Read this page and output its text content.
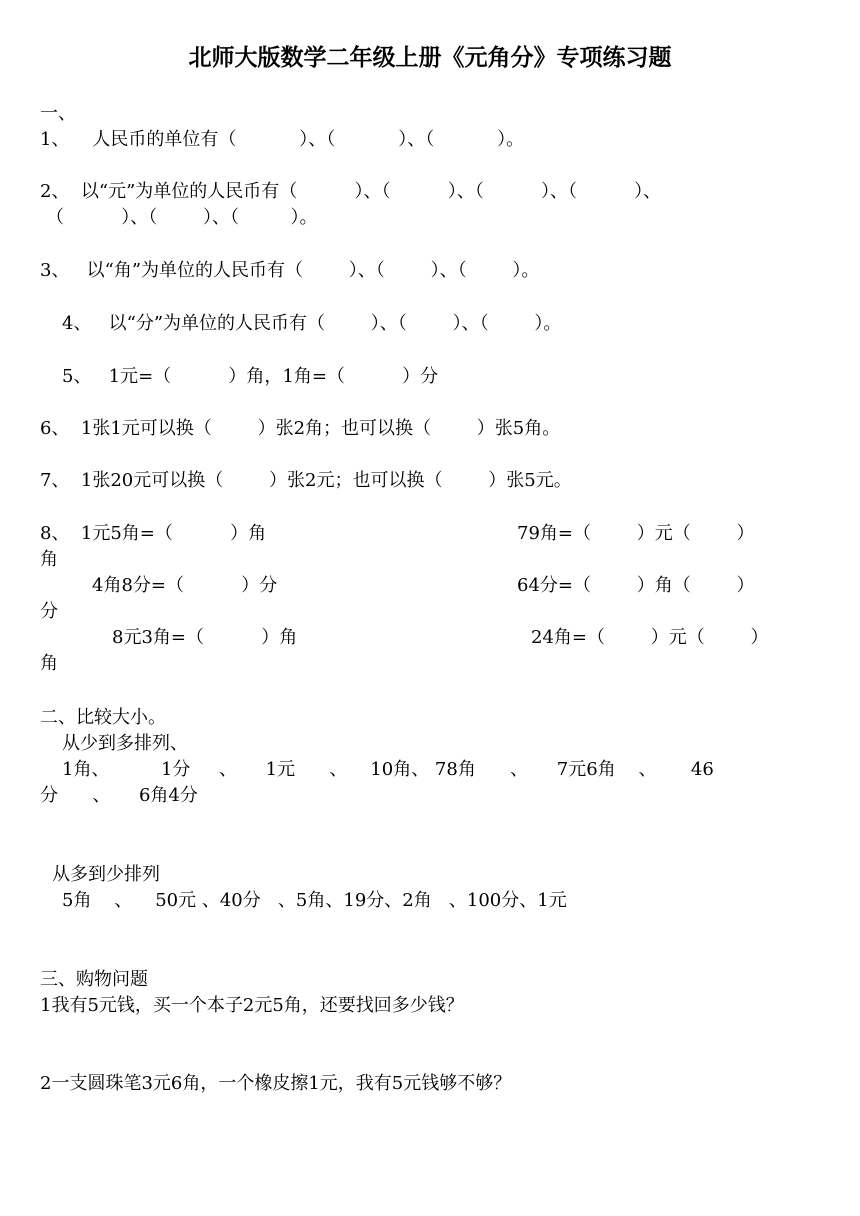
北师大版数学二年级上册《元角分》专项练习题

一、

1、    人民币的单位有（           ）、（           ）、（           ）。

2、  以“元”为单位的人民币有（          ）、（          ）、（          ）、（          ）、

（          ）、（        ）、（         ）。

3、   以“角”为单位的人民币有（        ）、（        ）、（        ）。

4、   以“分”为单位的人民币有（        ）、（        ）、（        ）。

5、   1元=（          ）角，1角=（          ）分

6、  1张1元可以换（        ）张2角；也可以换（        ）张5角。

7、  1张20元可以换（        ）张2元；也可以换（        ）张5元。

8、  1元5角=（          ）角	79角=（        ）元（        ）

角

4角8分=（          ）分	64分=（        ）角（        ）

分

8元3角=（          ）角	24角=（        ）元（        ）

角

二、比较大小。

从少到多排列、

1角、         1分     、     1元      、    10角、 78角      、     7元6角    、      46

分      、     6角4分

从多到少排列

5角    、    50元 、40分   、5角、19分、2角   、100分、1元

三、购物问题

1我有5元钱，买一个本子2元5角，还要找回多少钱？

2一支圆珠笔3元6角，一个橡皮擦1元，我有5元钱够不够？
